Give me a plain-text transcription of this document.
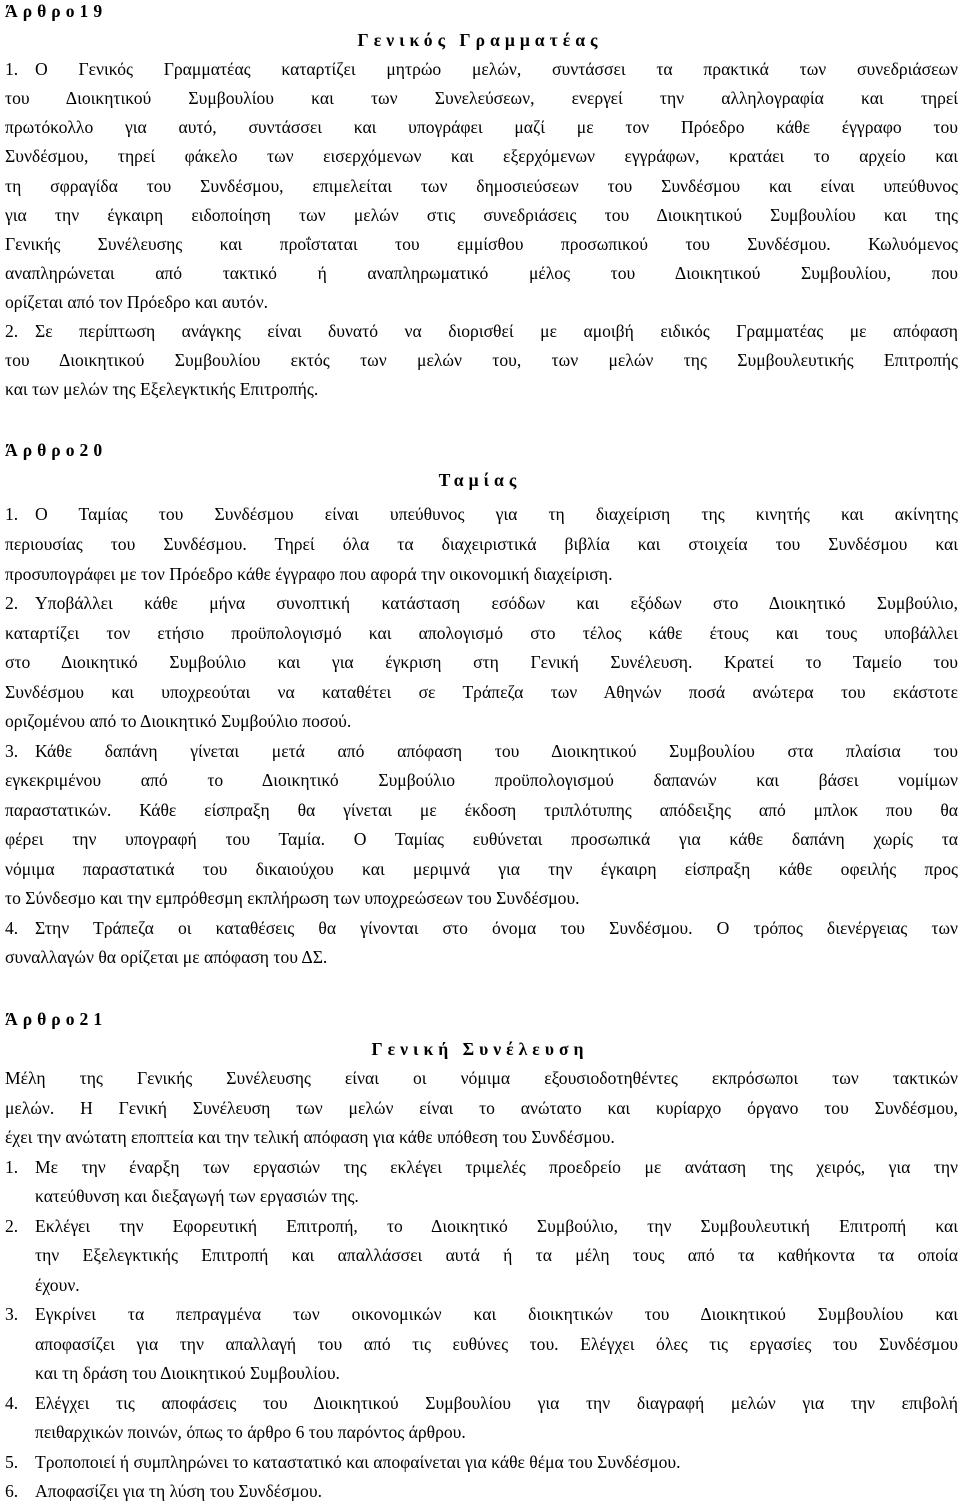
Άρθρο19
Γενικός Γραμματέας
1. Ο Γενικός Γραμματέας καταρτίζει μητρώο μελών, συντάσσει τα πρακτικά των συνεδριάσεων
του Διοικητικού Συμβουλίου και των Συνελεύσεων, ενεργεί την αλληλογραφία και τηρεί
πρωτόκολλο για αυτό, συντάσσει και υπογράφει μαζί με τον Πρόεδρο κάθε έγγραφο του
Συνδέσμου, τηρεί φάκελο των εισερχόμενων και εξερχόμενων εγγράφων, κρατάει το αρχείο και
τη σφραγίδα του Συνδέσμου, επιμελείται των δημοσιεύσεων του Συνδέσμου και είναι υπεύθυνος
για την έγκαιρη ειδοποίηση των μελών στις συνεδριάσεις του Διοικητικού Συμβουλίου και της
Γενικής Συνέλευσης και προΐσταται του εμμίσθου προσωπικού του Συνδέσμου. Κωλυόμενος
αναπληρώνεται από τακτικό ή αναπληρωματικό μέλος του Διοικητικού Συμβουλίου, που
ορίζεται από τον Πρόεδρο και αυτόν.
2. Σε περίπτωση ανάγκης είναι δυνατό να διορισθεί με αμοιβή ειδικός Γραμματέας με απόφαση
του Διοικητικού Συμβουλίου εκτός των μελών του, των μελών της Συμβουλευτικής Επιτροπής
και των μελών της Εξελεγκτικής Επιτροπής.
Άρθρο20
Ταμίας
1. Ο Ταμίας του Συνδέσμου είναι υπεύθυνος για τη διαχείριση της κινητής και ακίνητης
περιουσίας του Συνδέσμου. Τηρεί όλα τα διαχειριστικά βιβλία και στοιχεία του Συνδέσμου και
προσυπογράφει με τον Πρόεδρο κάθε έγγραφο που αφορά την οικονομική διαχείριση.
2. Υποβάλλει κάθε μήνα συνοπτική κατάσταση εσόδων και εξόδων στο Διοικητικό Συμβούλιο,
καταρτίζει τον ετήσιο προϋπολογισμό και απολογισμό στο τέλος κάθε έτους και τους υποβάλλει
στο Διοικητικό Συμβούλιο και για έγκριση στη Γενική Συνέλευση. Κρατεί το Ταμείο του
Συνδέσμου και υποχρεούται να καταθέτει σε Τράπεζα των Αθηνών ποσά ανώτερα του εκάστοτε
οριζομένου από το Διοικητικό Συμβούλιο ποσού.
3. Κάθε δαπάνη γίνεται μετά από απόφαση του Διοικητικού Συμβουλίου στα πλαίσια του
εγκεκριμένου από το Διοικητικό Συμβούλιο προϋπολογισμού δαπανών και βάσει νομίμων
παραστατικών. Κάθε είσπραξη θα γίνεται με έκδοση τριπλότυπης απόδειξης από μπλοκ που θα
φέρει την υπογραφή του Ταμία. Ο Ταμίας ευθύνεται προσωπικά για κάθε δαπάνη χωρίς τα
νόμιμα παραστατικά του δικαιούχου και μεριμνά για την έγκαιρη είσπραξη κάθε οφειλής προς
το Σύνδεσμο και την εμπρόθεσμη εκπλήρωση των υποχρεώσεων του Συνδέσμου.
4. Στην Τράπεζα οι καταθέσεις θα γίνονται στο όνομα του Συνδέσμου. Ο τρόπος διενέργειας των
συναλλαγών θα ορίζεται με απόφαση του ΔΣ.
Άρθρο21
Γενική Συνέλευση
Μέλη της Γενικής Συνέλευσης είναι οι νόμιμα εξουσιοδοτηθέντες εκπρόσωποι των τακτικών
μελών. Η Γενική Συνέλευση των μελών είναι το ανώτατο και κυρίαρχο όργανο του Συνδέσμου,
έχει την ανώτατη εποπτεία και την τελική απόφαση για κάθε υπόθεση του Συνδέσμου.
1. Με την έναρξη των εργασιών της εκλέγει τριμελές προεδρείο με ανάταση της χειρός, για την
κατεύθυνση και διεξαγωγή των εργασιών της.
2. Εκλέγει την Εφορευτική Επιτροπή, το Διοικητικό Συμβούλιο, την Συμβουλευτική Επιτροπή και
την Εξελεγκτικής Επιτροπή και απαλλάσσει αυτά ή τα μέλη τους από τα καθήκοντα τα οποία
έχουν.
3. Εγκρίνει τα πεπραγμένα των οικονομικών και διοικητικών του Διοικητικού Συμβουλίου και
αποφασίζει για την απαλλαγή του από τις ευθύνες του. Ελέγχει όλες τις εργασίες του Συνδέσμου
και τη δράση του Διοικητικού Συμβουλίου.
4. Ελέγχει τις αποφάσεις του Διοικητικού Συμβουλίου για την διαγραφή μελών για την επιβολή
πειθαρχικών ποινών, όπως το άρθρο 6 του παρόντος άρθρου.
5. Τροποποιεί ή συμπληρώνει το καταστατικό και αποφαίνεται για κάθε θέμα του Συνδέσμου.
6. Αποφασίζει για τη λύση του Συνδέσμου.
